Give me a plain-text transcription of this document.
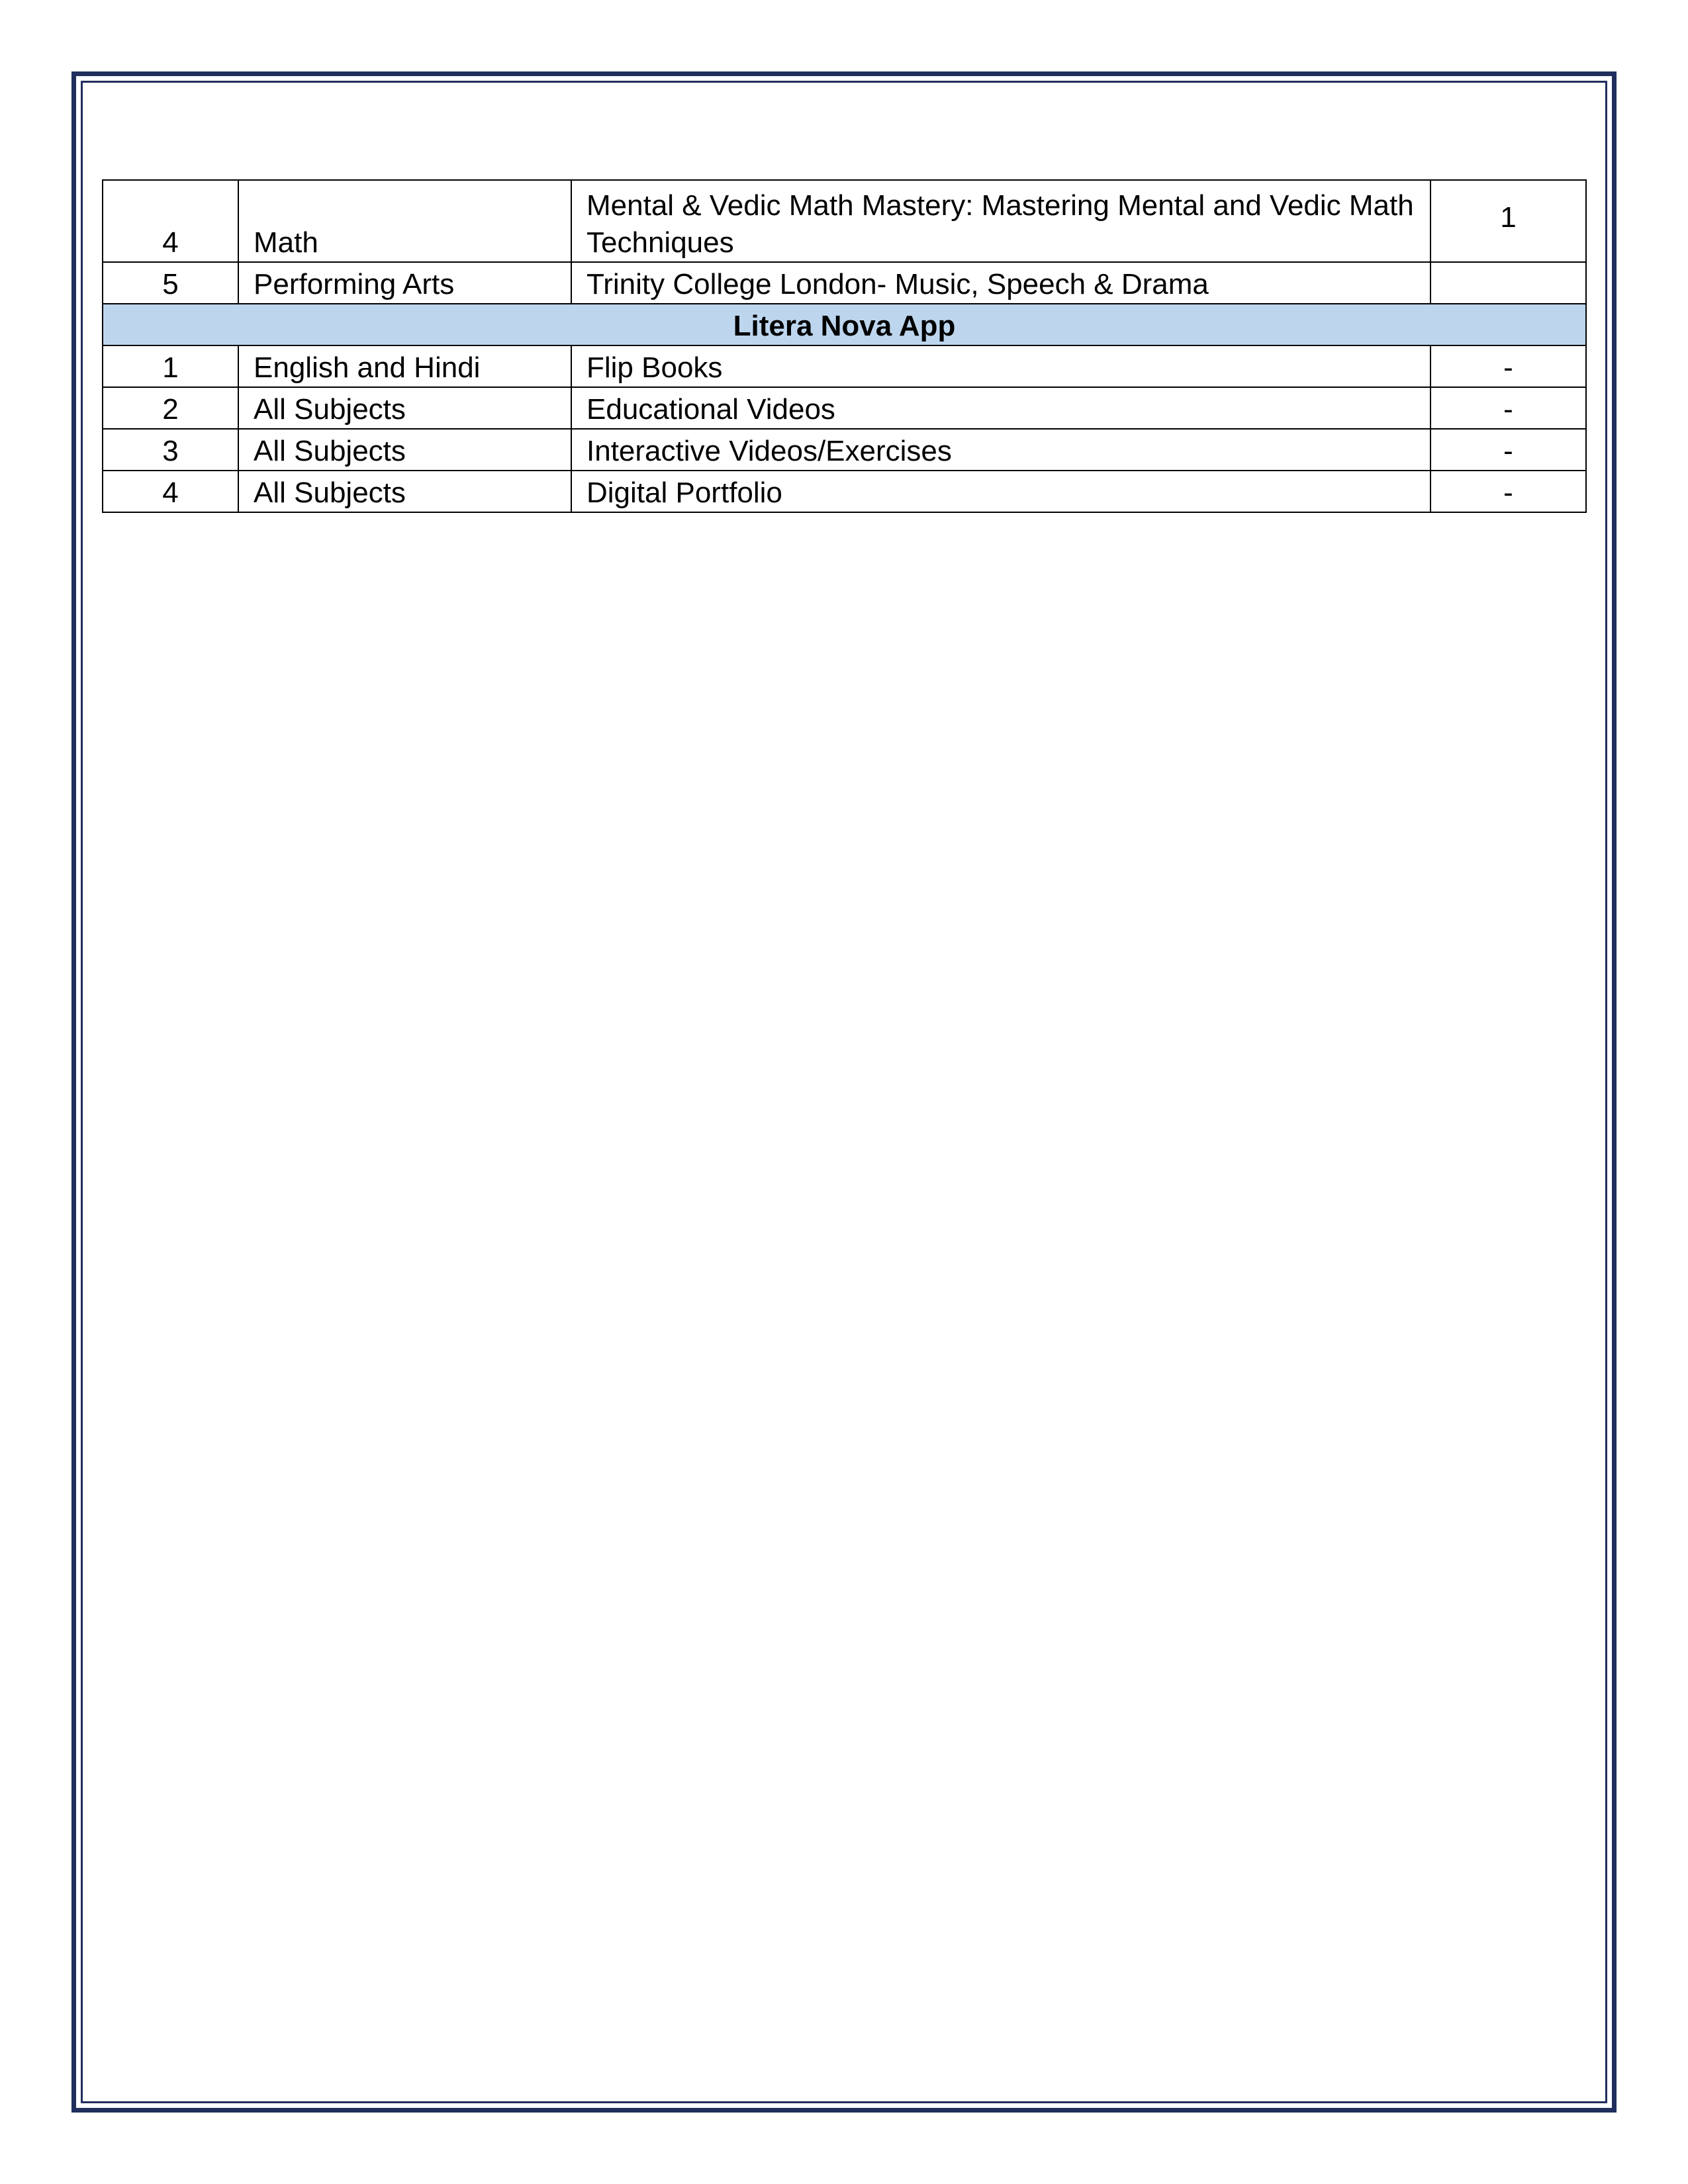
4	Math	Mental & Vedic Math Mastery: Mastering Mental and Vedic Math Techniques	1
5	Performing Arts	Trinity College London- Music, Speech & Drama	
Litera Nova App			
1	English and Hindi	Flip Books	-
2	All Subjects	Educational Videos	-
3	All Subjects	Interactive Videos/Exercises	-
4	All Subjects	Digital Portfolio	-
